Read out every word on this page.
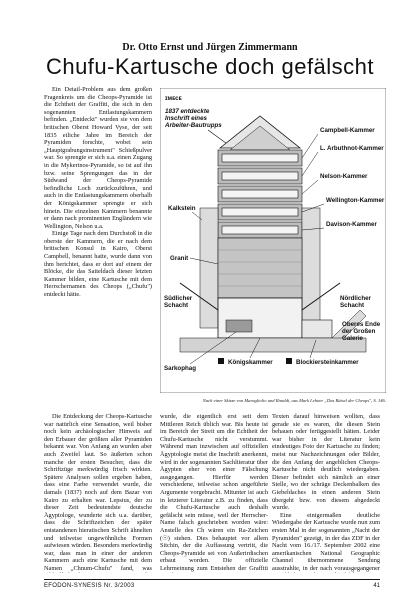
Dr. Otto Ernst und Jürgen Zimmermann
Chufu-Kartusche doch gefälscht

Ein Detail-Problem aus dem großen Fragenkreis um die Cheops-Pyramide ist die Echtheit der Graffiti, die sich in den sogenannten Entlastungskammern befinden. „Entdeckt" wurden sie von dem britischen Oberst Howard Vyse, der seit 1835 etliche Jahre im Bereich der Pyramiden forschte, wobei sein „Hauptgrabungsinstrument" Schießpulver war. So sprengte er sich u.a. einen Zugang in die Mykerinos-Pyramide, so ist auf ihn bzw. seine Sprengungen das in der Südwand der Cheops-Pyramide befindliche Loch zurückzuführen, und auch in die Entlastungskammern oberhalb der Königskammer sprengte er sich hinein. Die einzelnen Kammern benannte er dann nach prominenten Engländern wie Wellington, Nelson u.a.

Einige Tage nach dem Durchstoß in die oberste der Kammern, die er nach dem britischen Konsul in Kairo, Oberst Campbell, benannt hatte, wurde dann von ihm berichtet, dass er dort auf einem der Blöcke, die das Satteldach dieser letzten Kammer bilden, eine Kartusche mit dem Herrschernamen des Cheops („Chufu") entdeckt hätte.

ɪᴍᴇᴄᴇ
1837 entdeckte
Inschrift eines
Arbeiter-Bautrupps
Campbell-Kammer
L. Arbuthnot-Kammer
Nelson-Kammer
Wellington-Kammer
Davison-Kammer
Kalkstein
Granit
Südlicher
Schacht
Sarkophag
Nördlicher
Schacht
Oberes Ende
der Großen
Galerie
Königskammer	Blockiersteinkammer
Nach einer Skizze von Maragliolio und Rinaldi, aus Mark Lehner „Das Rätsel der Cheops", S. 146.

Die Entdeckung der Cheops-Kartusche war natürlich eine Sensation, weil bisher noch kein archäologischer Hinweis auf den Erbauer der größten aller Pyramiden bekannt war. Von Anfang an wurden aber auch Zweifel laut. So äußerten schon manche der ersten Besucher, dass die Schriftzüge merkwürdig frisch wirkten. Spätere Analysen sollen ergeben haben, dass eine Farbe verwendet wurde, die damals (1837) noch auf dem Bazar von Kairo zu erhalten war. Lepsius, der zu dieser Zeit bedeutendste deutsche Ägyptologe, wunderte sich u.a. darüber, dass die Schriftzeichen der später entstandenen hieratischen Schrift ähnelten und teilweise ungewöhnliche Formen aufwiesen würden. Besonders merkwürdig war, dass man in einer der anderen Kammern auch eine Kartusche mit dem Namen „Chnum-Chufu" fand, was

wurde, die eigentlich erst seit dem Mittleren Reich üblich war. Bis heute ist im Bereich der Streit um die Echtheit der Chufu-Kartusche nicht verstummt. Während man inzwischen auf offiziellen Ägyptologie meist die Inschrift anerkennt, wird in der sogenannten Sachliteratur über Ägypten eher von einer Fälschung ausgegangen. Hierfür werden verschiedene, teilweise schon angeführte Argumente vorgebracht. Mitunter ist auch in letzterer Literatur z.B. zu finden, dass die Chufu-Kartusche auch deshalb gefälscht sein müsse, weil der Herrscher-Name falsch geschrieben worden wäre: Anstelle des Ch wären ein Ra-Zeichen (☉) stehen. Dies behauptet vor allem Sitchin, der die Auffassung vertritt, die Cheops-Pyramide sei von Außerirdischen erbaut worden. Die offizielle Lehrmeinung zum Entstehen der Graffiti

Texten darauf hinweisen wollten, dass gerade sie es waren, die diesen Stein behauen oder fertiggestellt hätten. Leider war bisher in der Literatur kein eindeutiges Foto der Kartusche zu finden; meist nur Nachzeichnungen oder Bilder, die den Anfang der angeblichen Cheops-Kartusche nicht deutlich wiedergaben. Dieser befindet sich nämlich an einer Stelle, wo der schräge Deckenbalken des Giebeldaches in einen anderen Stein übergeht bzw. von diesem abgedeckt wurde.

Eine einigermaßen deutliche Wiedergabe der Kartusche wurde nun zum ersten Mal in der sogenannten „Nacht der Pyramiden" gezeigt, in der das ZDF in der Nacht vom 16./17. September 2002 eine amerikanischen National Geographic Channel übernommene Sendung ausstrahlte, in der nach vorausgegangener

EFODON-SYNESIS Nr. 3/2003	41
